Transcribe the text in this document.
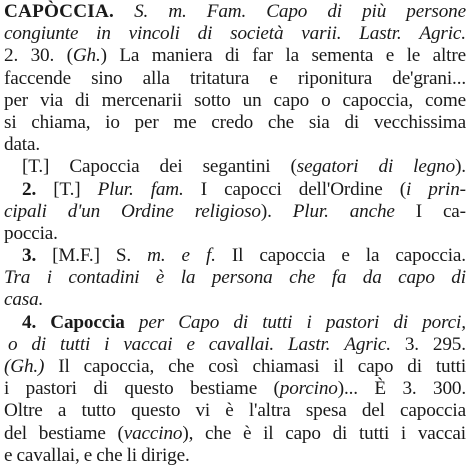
CAPÒCCIA. S. m. Fam. Capo di più persone
congiunte in vincoli di società varii. Lastr. Agric.
2. 30. (Gh.) La maniera di far la sementa e le altre
faccende sino alla tritatura e riponitura de'grani...
per via di mercenarii sotto un capo o capoccia, come
si chiama, io per me credo che sia di vecchissima
data.
[T.] Capoccia dei segantini (segatori di legno).
2. [T.] Plur. fam. I capocci dell'Ordine (i prin-
cipali d'un Ordine religioso). Plur. anche I ca-
poccia.
3. [M.F.] S. m. e f. Il capoccia e la capoccia.
Tra i contadini è la persona che fa da capo di
casa.
4. Capoccia per Capo di tutti i pastori di porci,
o di tutti i vaccai e cavallai. Lastr. Agric. 3. 295.
(Gh.) Il capoccia, che così chiamasi il capo di tutti
i pastori di questo bestiame (porcino)... È 3. 300.
Oltre a tutto questo vi è l'altra spesa del capoccia
del bestiame (vaccino), che è il capo di tutti i vaccai
e cavallai, e che li dirige.
